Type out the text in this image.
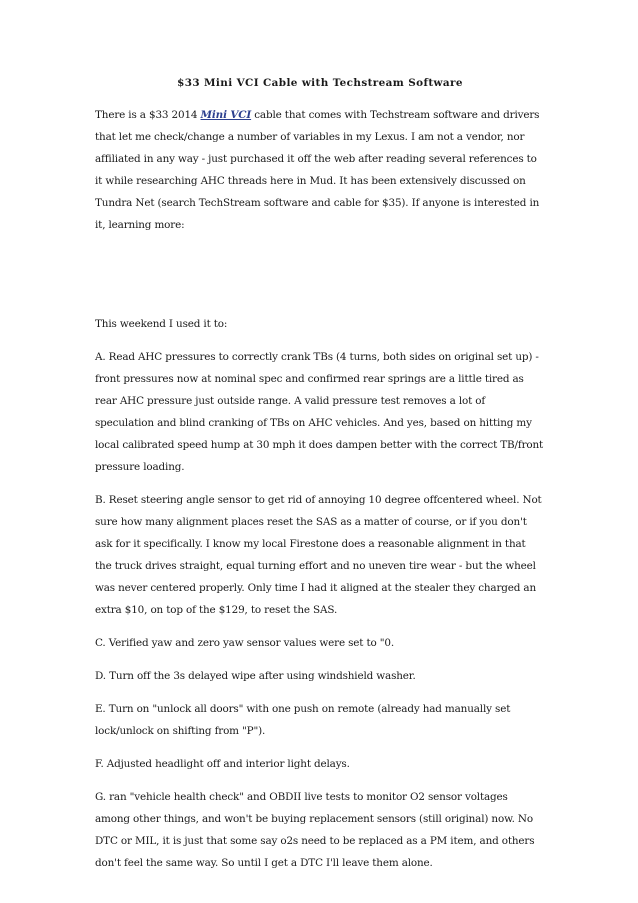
$33 Mini VCI Cable with Techstream Software

There is a $33 2014 Mini VCI cable that comes with Techstream software and drivers that let me check/change a number of variables in my Lexus. I am not a vendor, nor affiliated in any way - just purchased it off the web after reading several references to it while researching AHC threads here in Mud. It has been extensively discussed on Tundra Net (search TechStream software and cable for $35). If anyone is interested in it, learning more:

This weekend I used it to:

A. Read AHC pressures to correctly crank TBs (4 turns, both sides on original set up) - front pressures now at nominal spec and confirmed rear springs are a little tired as rear AHC pressure just outside range. A valid pressure test removes a lot of speculation and blind cranking of TBs on AHC vehicles. And yes, based on hitting my local calibrated speed hump at 30 mph it does dampen better with the correct TB/front pressure loading.

B. Reset steering angle sensor to get rid of annoying 10 degree offcentered wheel. Not sure how many alignment places reset the SAS as a matter of course, or if you don't ask for it specifically. I know my local Firestone does a reasonable alignment in that the truck drives straight, equal turning effort and no uneven tire wear - but the wheel was never centered properly. Only time I had it aligned at the stealer they charged an extra $10, on top of the $129, to reset the SAS.

C. Verified yaw and zero yaw sensor values were set to "0.

D. Turn off the 3s delayed wipe after using windshield washer.

E. Turn on "unlock all doors" with one push on remote (already had manually set lock/unlock on shifting from "P").

F. Adjusted headlight off and interior light delays.

G. ran "vehicle health check" and OBDII live tests to monitor O2 sensor voltages among other things, and won't be buying replacement sensors (still original) now. No DTC or MIL, it is just that some say o2s need to be replaced as a PM item, and others don't feel the same way. So until I get a DTC I'll leave them alone.
